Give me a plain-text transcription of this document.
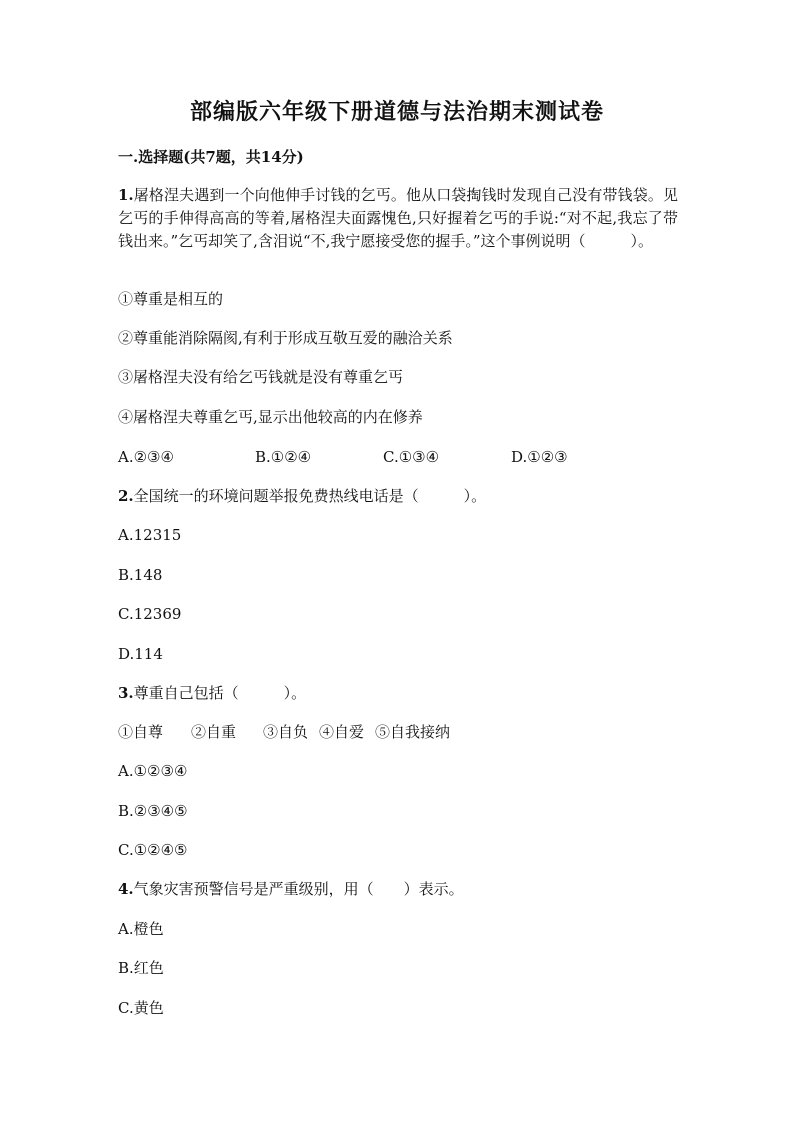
部编版六年级下册道德与法治期末测试卷
一.选择题(共7题，共14分)
1.屠格涅夫遇到一个向他伸手讨钱的乞丐。他从口袋掏钱时发现自己没有带钱袋。见乞丐的手伸得高高的等着,屠格涅夫面露愧色,只好握着乞丐的手说:“对不起,我忘了带钱出来。”乞丐却笑了,含泪说“不,我宁愿接受您的握手。”这个事例说明（　　　）。
①尊重是相互的
②尊重能消除隔阂,有利于形成互敬互爱的融洽关系
③屠格涅夫没有给乞丐钱就是没有尊重乞丐
④屠格涅夫尊重乞丐,显示出他较高的内在修养
A.②③④	B.①②④	C.①③④	D.①②③
2.全国统一的环境问题举报免费热线电话是（　　　）。
A.12315
B.148
C.12369
D.114
3.尊重自己包括（　　　）。
①自尊 ②自重 ③自负 ④自爱 ⑤自我接纳
A.①②③④
B.②③④⑤
C.①②④⑤
4.气象灾害预警信号是严重级别，用（　　）表示。
A.橙色
B.红色
C.黄色
